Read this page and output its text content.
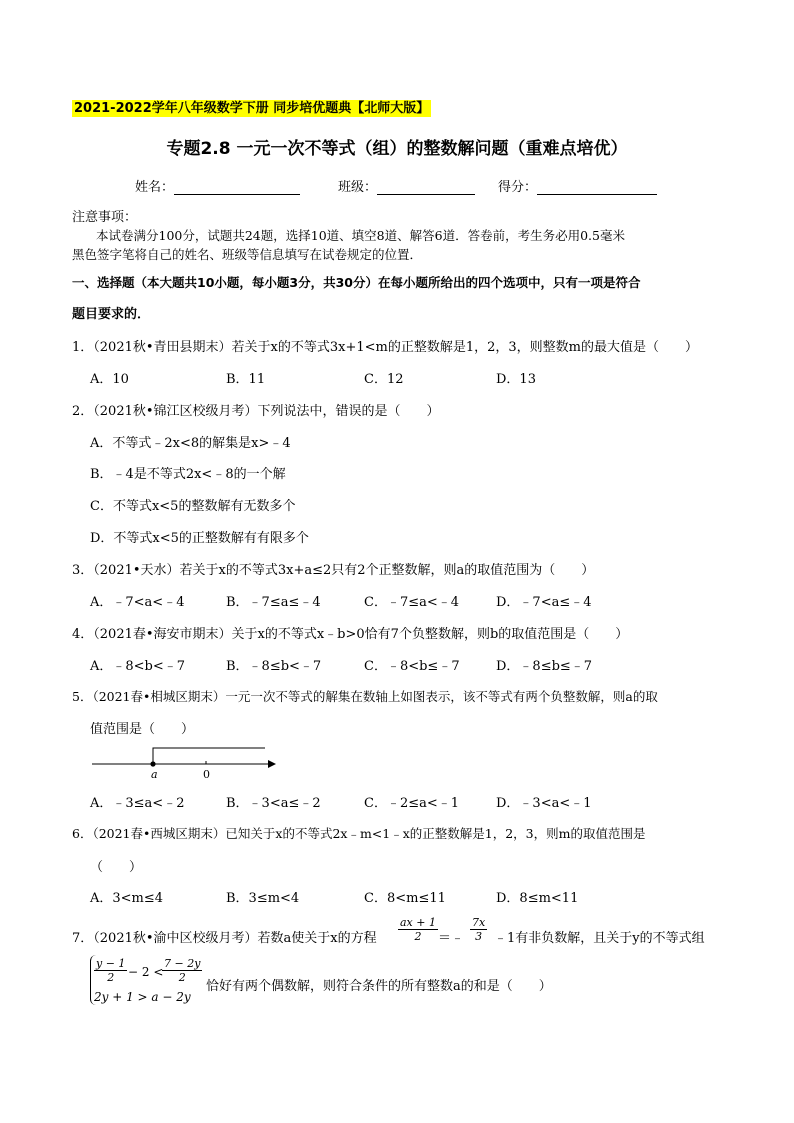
2021-2022学年八年级数学下册 同步培优题典【北师大版】
专题2.8 一元一次不等式（组）的整数解问题（重难点培优）
姓名：	班级：	得分：
注意事项：
本试卷满分100分，试题共24题，选择10道、填空8道、解答6道．答卷前，考生务必用0.5毫米
黑色签字笔将自己的姓名、班级等信息填写在试卷规定的位置．
一、选择题（本大题共10小题，每小题3分，共30分）在每小题所给出的四个选项中，只有一项是符合
题目要求的．
1．（2021秋•青田县期末）若关于x的不等式3x+1<m的正整数解是1，2，3，则整数m的最大值是（　　）
A．10	B．11	C．12	D．13
2．（2021秋•锦江区校级月考）下列说法中，错误的是（　　）
A．不等式﹣2x<8的解集是x>﹣4
B．﹣4是不等式2x<﹣8的一个解
C．不等式x<5的整数解有无数多个
D．不等式x<5的正整数解有有限多个
3．（2021•天水）若关于x的不等式3x+a≤2只有2个正整数解，则a的取值范围为（　　）
A．﹣7<a<﹣4	B．﹣7≤a≤﹣4	C．﹣7≤a<﹣4	D．﹣7<a≤﹣4
4．（2021春•海安市期末）关于x的不等式x﹣b>0恰有7个负整数解，则b的取值范围是（　　）
A．﹣8<b<﹣7	B．﹣8≤b<﹣7	C．﹣8<b≤﹣7	D．﹣8≤b≤﹣7
5．（2021春•相城区期末）一元一次不等式的解集在数轴上如图表示，该不等式有两个负整数解，则a的取
值范围是（　　）
a	0
A．﹣3≤a<﹣2	B．﹣3<a≤﹣2	C．﹣2≤a<﹣1	D．﹣3<a<﹣1
6．（2021春•西城区期末）已知关于x的不等式2x﹣m<1﹣x的正整数解是1，2，3，则m的取值范围是
（　　）
A．3<m≤4	B．3≤m<4	C．8<m≤11	D．8≤m<11
7．（2021秋•渝中区校级月考）若数a使关于x的方程 $\frac{ax + 1}{2}$ ＝﹣ $\frac{7x}{3}$ ﹣1有非负数解，且关于y的不等式组
$\frac{y - 1}{2} - 2$ <
$\frac{7 - 2y}{2}$
2y + 1 > a − 2y
恰好有两个偶数解，则符合条件的所有整数a的和是（　　）
